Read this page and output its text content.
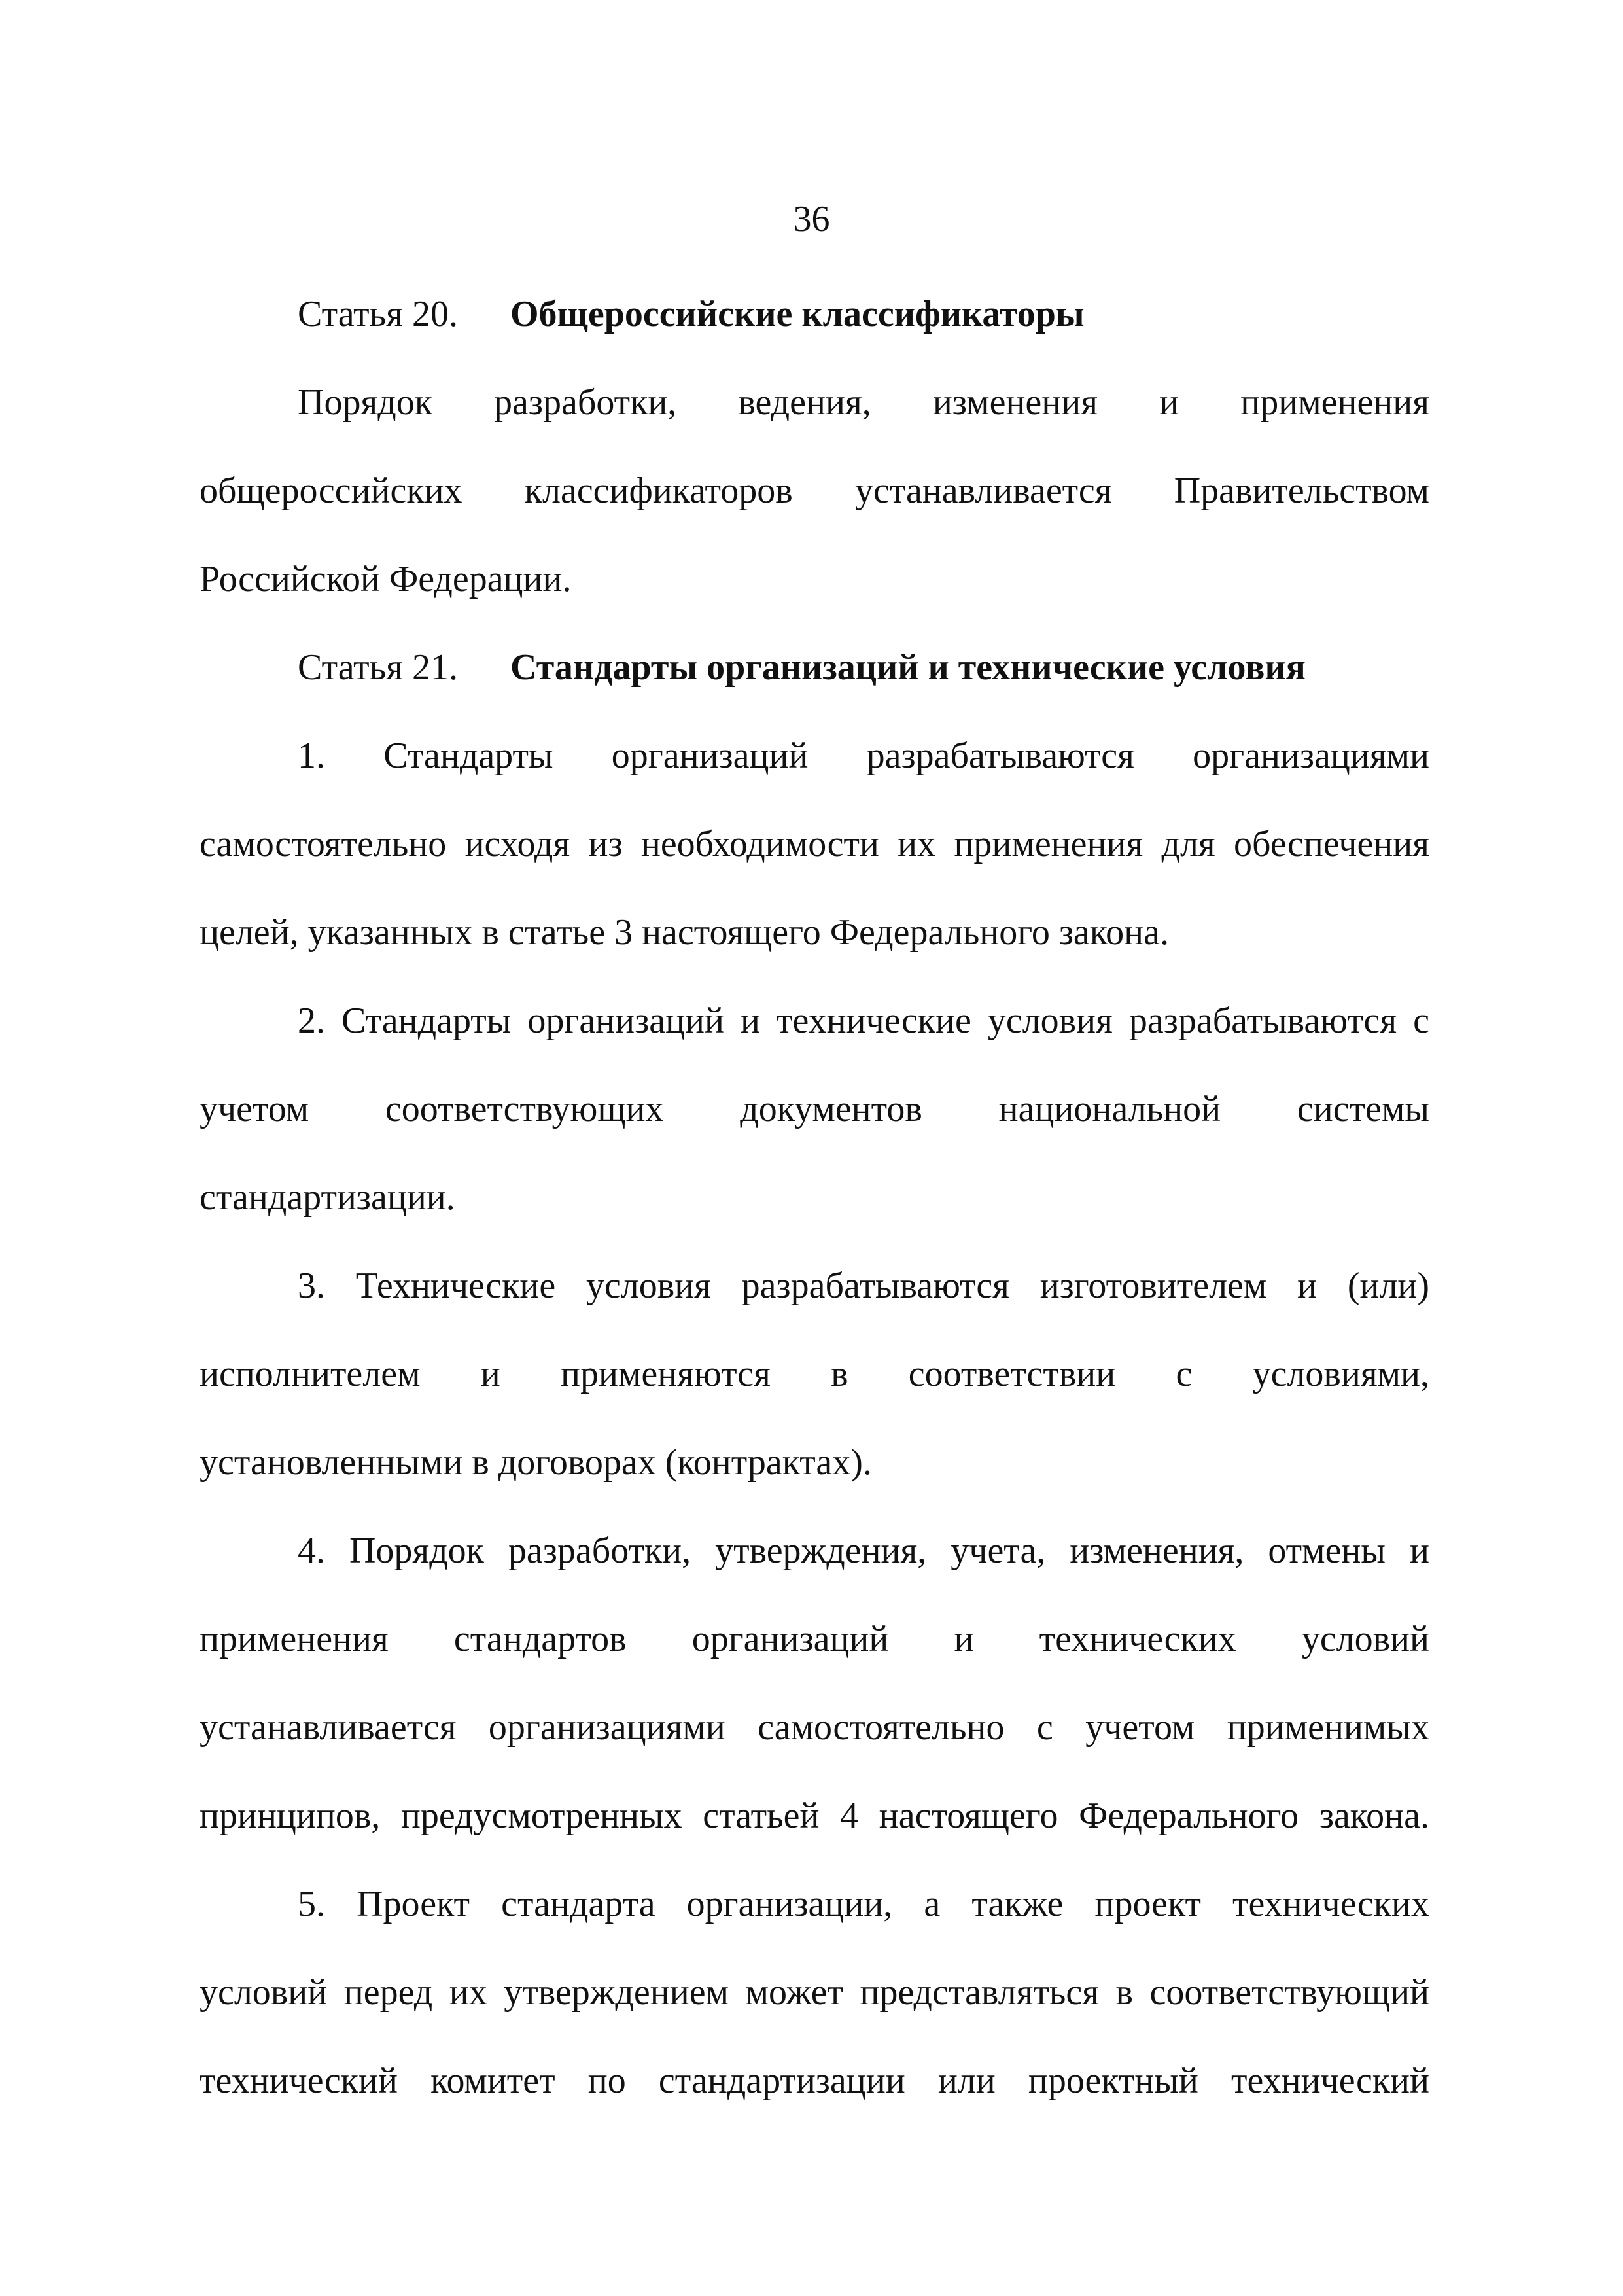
36
Статья 20. Общероссийские классификаторы
Порядок разработки, ведения, изменения и применения
общероссийских классификаторов устанавливается Правительством
Российской Федерации.
Статья 21. Стандарты организаций и технические условия
1. Стандарты организаций разрабатываются организациями
самостоятельно исходя из необходимости их применения для обеспечения
целей, указанных в статье 3 настоящего Федерального закона.
2. Стандарты организаций и технические условия разрабатываются с
учетом соответствующих документов национальной системы
стандартизации.
3. Технические условия разрабатываются изготовителем и (или)
исполнителем и применяются в соответствии с условиями,
установленными в договорах (контрактах).
4. Порядок разработки, утверждения, учета, изменения, отмены и
применения стандартов организаций и технических условий
устанавливается организациями самостоятельно с учетом применимых
принципов, предусмотренных статьей 4 настоящего Федерального закона.
5. Проект стандарта организации, а также проект технических
условий перед их утверждением может представляться в соответствующий
технический комитет по стандартизации или проектный технический
